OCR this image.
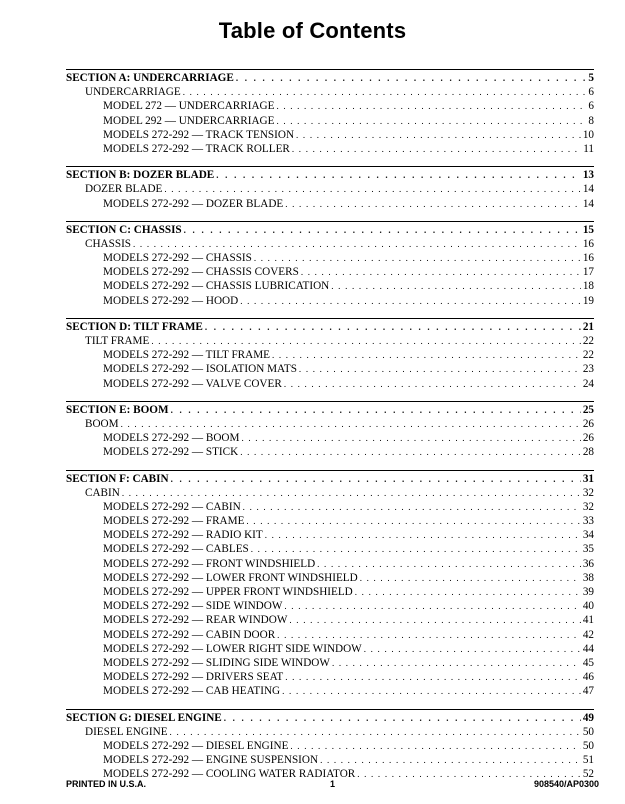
Table of Contents
SECTION A: UNDERCARRIAGE . . .	5
UNDERCARRIAGE . . .	6
MODEL 272 — UNDERCARRIAGE . . .	6
MODEL 292 — UNDERCARRIAGE . . .	8
MODELS 272-292 — TRACK TENSION . . .	10
MODELS 272-292 — TRACK ROLLER . . .	11
SECTION B: DOZER BLADE . . .	13
DOZER BLADE . . .	14
MODELS 272-292 — DOZER BLADE . . .	14
SECTION C: CHASSIS . . .	15
CHASSIS . . .	16
MODELS 272-292 — CHASSIS . . .	16
MODELS 272-292 — CHASSIS COVERS . . .	17
MODELS 272-292 — CHASSIS LUBRICATION . . .	18
MODELS 272-292 — HOOD . . .	19
SECTION D: TILT FRAME . . .	21
TILT FRAME . . .	22
MODELS 272-292 — TILT FRAME . . .	22
MODELS 272-292 — ISOLATION MATS . . .	23
MODELS 272-292 — VALVE COVER . . .	24
SECTION E: BOOM . . .	25
BOOM . . .	26
MODELS 272-292 — BOOM . . .	26
MODELS 272-292 — STICK . . .	28
SECTION F: CABIN . . .	31
CABIN . . .	32
MODELS 272-292 — CABIN . . .	32
MODELS 272-292 — FRAME . . .	33
MODELS 272-292 — RADIO KIT . . .	34
MODELS 272-292 — CABLES . . .	35
MODELS 272-292 — FRONT WINDSHIELD . . .	36
MODELS 272-292 — LOWER FRONT WINDSHIELD . . .	38
MODELS 272-292 — UPPER FRONT WINDSHIELD . . .	39
MODELS 272-292 — SIDE WINDOW . . .	40
MODELS 272-292 — REAR WINDOW . . .	41
MODELS 272-292 — CABIN DOOR . . .	42
MODELS 272-292 — LOWER RIGHT SIDE WINDOW . . .	44
MODELS 272-292 — SLIDING SIDE WINDOW . . .	45
MODELS 272-292 — DRIVERS SEAT . . .	46
MODELS 272-292 — CAB HEATING . . .	47
SECTION G: DIESEL ENGINE . . .	49
DIESEL ENGINE . . .	50
MODELS 272-292 — DIESEL ENGINE . . .	50
MODELS 272-292 — ENGINE SUSPENSION . . .	51
MODELS 272-292 — COOLING WATER RADIATOR . . .	52
PRINTED IN U.S.A.	1	908540/AP0300
